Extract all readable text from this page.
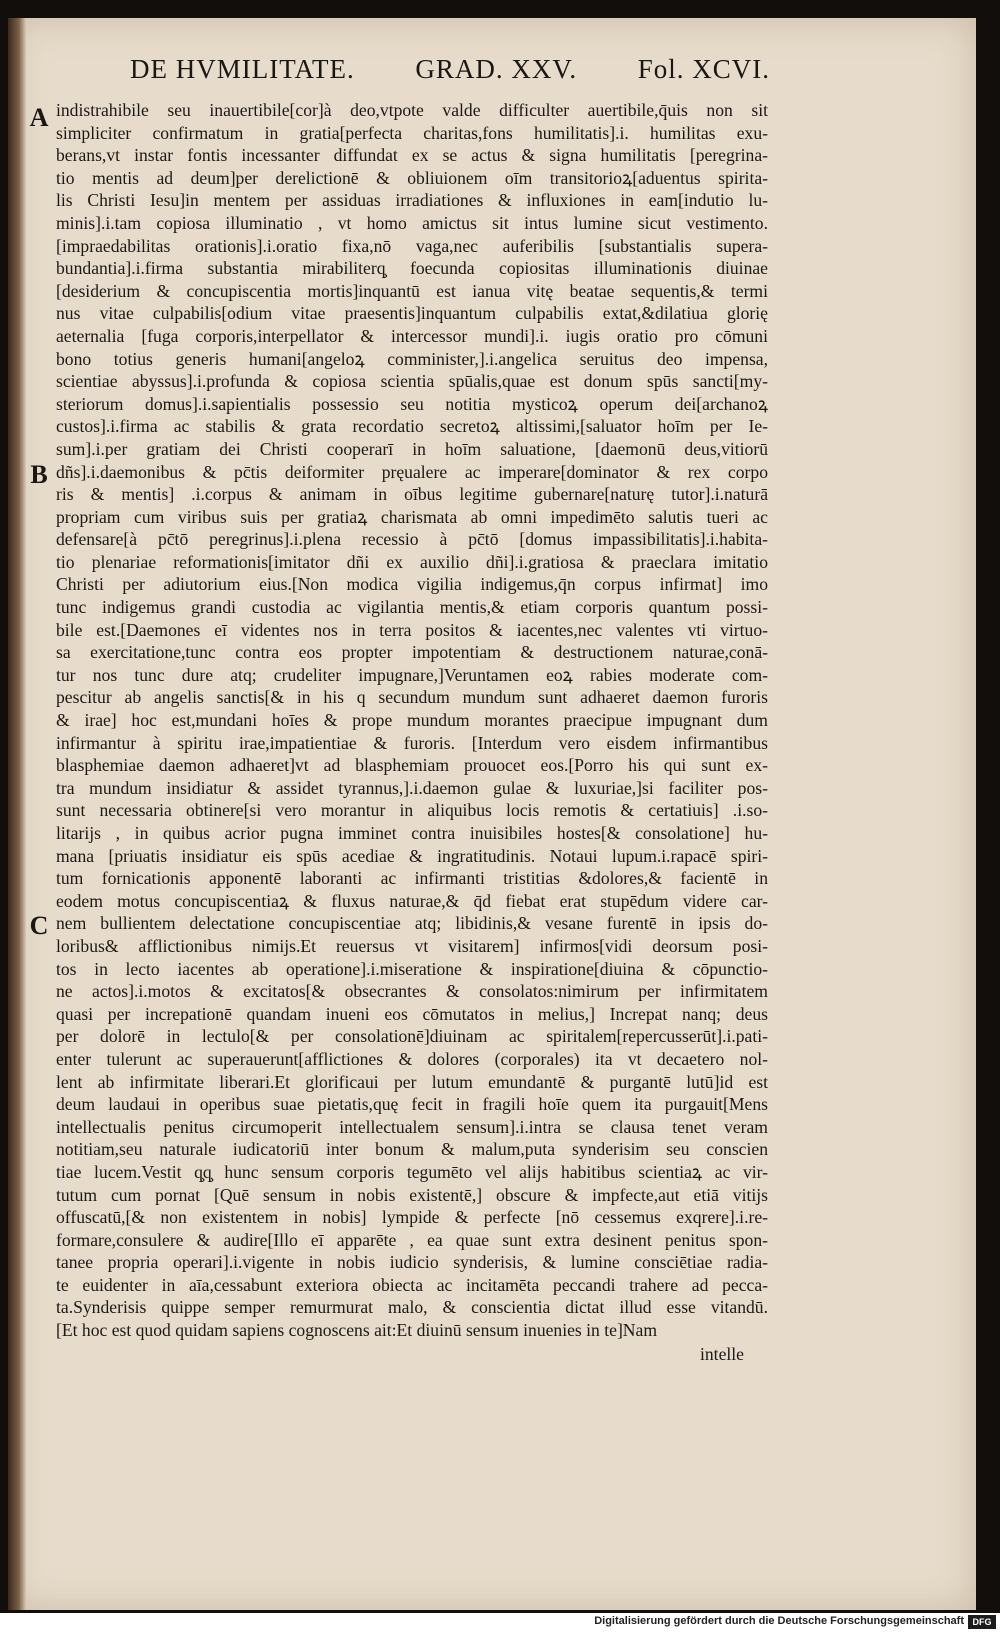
DE HVMILITATE. GRAD. XXV. Fol. XCVI.
A
B
C
indistrahibile seu inauertibile[cor]à deo,vtpote valde difficulter auertibile,q̄uis non sit
simpliciter confirmatum in gratia[perfecta charitas,fons humilitatis].i. humilitas exu-
berans,vt instar fontis incessanter diffundat ex se actus & signa humilitatis [peregrina-
tio mentis ad deum]per derelictionē & obliuionem oīm transitorioꝝ[aduentus spirita-
lis Christi Iesu]in mentem per assiduas irradiationes & influxiones in eam[indutio lu-
minis].i.tam copiosa illuminatio , vt homo amictus sit intus lumine sicut vestimento.
[impraedabilitas orationis].i.oratio fixa,nō vaga,nec auferibilis [substantialis supera-
bundantia].i.firma substantia mirabiliterq̧ foecunda copiositas illuminationis diuinae
[desiderium & concupiscentia mortis]inquantū est ianua vitę beatae sequentis,& termi
nus vitae culpabilis[odium vitae praesentis]inquantum culpabilis extat,&dilatiua glorię
aeternalia [fuga corporis,interpellator & intercessor mundi].i. iugis oratio pro cōmuni
bono totius generis humani[angeloꝝ comminister,].i.angelica seruitus deo impensa,
scientiae abyssus].i.profunda & copiosa scientia spūalis,quae est donum spūs sancti[my-
steriorum domus].i.sapientialis possessio seu notitia mysticoꝝ operum dei[archanoꝝ
custos].i.firma ac stabilis & grata recordatio secretoꝝ altissimi,[saluator hoīm per Ie-
sum].i.per gratiam dei Christi cooperarī in hoīm saluatione, [daemonū deus,vitiorū
dñs].i.daemonibus & pc̄tis deiformiter pręualere ac imperare[dominator & rex corpo
ris & mentis] .i.corpus & animam in oībus legitime gubernare[naturę tutor].i.naturā
propriam cum viribus suis per gratiaꝝ charismata ab omni impedimēto salutis tueri ac
defensare[à pc̄tō peregrinus].i.plena recessio à pc̄tō [domus impassibilitatis].i.habita-
tio plenariae reformationis[imitator dñi ex auxilio dñi].i.gratiosa & praeclara imitatio
Christi per adiutorium eius.[Non modica vigilia indigemus,q̄n corpus infirmat] imo
tunc indigemus grandi custodia ac vigilantia mentis,& etiam corporis quantum possi-
bile est.[Daemones eī videntes nos in terra positos & iacentes,nec valentes vti virtuo-
sa exercitatione,tunc contra eos propter impotentiam & destructionem naturae,conā-
tur nos tunc dure atq; crudeliter impugnare,]Veruntamen eoꝝ rabies moderate com-
pescitur ab angelis sanctis[& in his q secundum mundum sunt adhaeret daemon furoris
& irae] hoc est,mundani hoīes & prope mundum morantes praecipue impugnant dum
infirmantur à spiritu irae,impatientiae & furoris. [Interdum vero eisdem infirmantibus
blasphemiae daemon adhaeret]vt ad blasphemiam prouocet eos.[Porro his qui sunt ex-
tra mundum insidiatur & assidet tyrannus,].i.daemon gulae & luxuriae,]si faciliter pos-
sunt necessaria obtinere[si vero morantur in aliquibus locis remotis & certatiuis] .i.so-
litarijs , in quibus acrior pugna imminet contra inuisibiles hostes[& consolatione] hu-
mana [priuatis insidiatur eis spūs acediae & ingratitudinis. Notaui lupum.i.rapacē spiri-
tum fornicationis apponentē laboranti ac infirmanti tristitias &dolores,& facientē in
eodem motus concupiscentiaꝝ & fluxus naturae,& q̄d fiebat erat stupēdum videre car-
nem bullientem delectatione concupiscentiae atq; libidinis,& vesane furentē in ipsis do-
loribus& afflictionibus nimijs.Et reuersus vt visitarem] infirmos[vidi deorsum posi-
tos in lecto iacentes ab operatione].i.miseratione & inspiratione[diuina & cōpunctio-
ne actos].i.motos & excitatos[& obsecrantes & consolatos:nimirum per infirmitatem
quasi per increpationē quandam inueni eos cōmutatos in melius,] Increpat nanq; deus
per dolorē in lectulo[& per consolationē]diuinam ac spiritalem[repercusserūt].i.pati-
enter tulerunt ac superauerunt[afflictiones & dolores (corporales) ita vt decaetero nol-
lent ab infirmitate liberari.Et glorificaui per lutum emundantē & purgantē lutū]id est
deum laudaui in operibus suae pietatis,quę fecit in fragili hoīe quem ita purgauit[Mens
intellectualis penitus circumoperit intellectualem sensum].i.intra se clausa tenet veram
notitiam,seu naturale iudicatoriū inter bonum & malum,puta synderisim seu conscien
tiae lucem.Vestit q̧q̧ hunc sensum corporis tegumēto vel alijs habitibus scientiaꝝ ac vir-
tutum cum pornat [Quē sensum in nobis existentē,] obscure & impfecte,aut etiā vitijs
offuscatū,[& non existentem in nobis] lympide & perfecte [nō cessemus exqrere].i.re-
formare,consulere & audire[Illo eī apparēte , ea quae sunt extra desinent penitus spon-
tanee propria operari].i.vigente in nobis iudicio synderisis, & lumine consciētiae radia-
te euidenter in aīa,cessabunt exteriora obiecta ac incitamēta peccandi trahere ad pecca-
ta.Synderisis quippe semper remurmurat malo, & conscientia dictat illud esse vitandū.
[Et hoc est quod quidam sapiens cognoscens ait:Et diuinū sensum inuenies in te]Nam
intelle
Digitalisierung gefördert durch die Deutsche Forschungsgemeinschaft DFG
